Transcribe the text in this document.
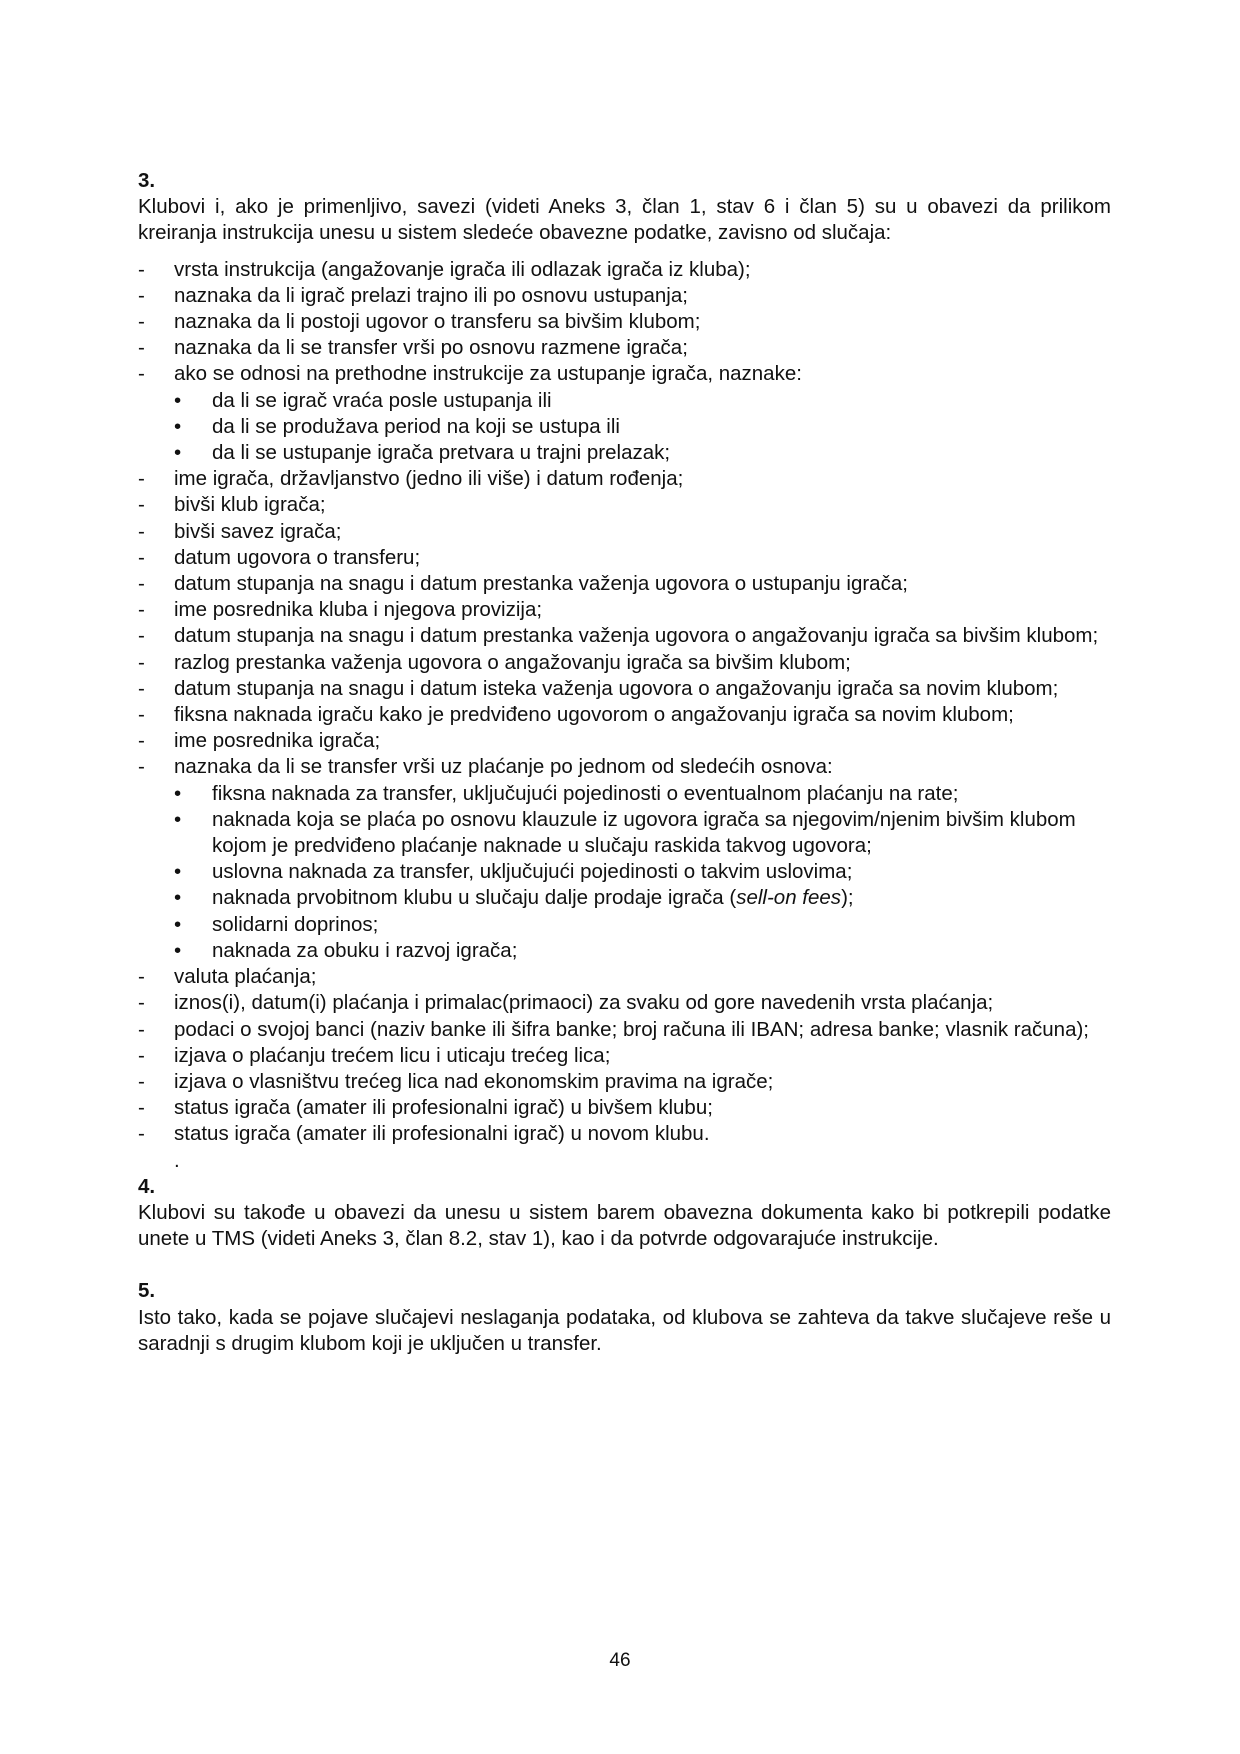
3.
Klubovi i, ako je primenljivo, savezi (videti Aneks 3, član 1, stav 6 i član 5) su u obavezi da prilikom kreiranja instrukcija unesu u sistem sledeće obavezne podatke, zavisno od slučaja:
- vrsta instrukcija (angažovanje igrača ili odlazak igrača iz kluba);
- naznaka da li igrač prelazi trajno ili po osnovu ustupanja;
- naznaka da li postoji ugovor o transferu sa bivšim klubom;
- naznaka da li se transfer vrši po osnovu razmene igrača;
- ako se odnosi na prethodne instrukcije za ustupanje igrača, naznake:
• da li se igrač vraća posle ustupanja ili
• da li se produžava period na koji se ustupa ili
• da li se ustupanje igrača pretvara u trajni prelazak;
- ime igrača, državljanstvo (jedno ili više) i datum rođenja;
- bivši klub igrača;
- bivši savez igrača;
- datum ugovora o transferu;
- datum stupanja na snagu i datum prestanka važenja ugovora o ustupanju igrača;
- ime posrednika kluba i njegova provizija;
- datum stupanja na snagu i datum prestanka važenja ugovora o angažovanju igrača sa bivšim klubom;
- razlog prestanka važenja ugovora o angažovanju igrača sa bivšim klubom;
- datum stupanja na snagu i datum isteka važenja ugovora o angažovanju igrača sa novim klubom;
- fiksna naknada igraču kako je predviđeno ugovorom o angažovanju igrača sa novim klubom;
- ime posrednika igrača;
- naznaka da li se transfer vrši uz plaćanje po jednom od sledećih osnova:
• fiksna naknada za transfer, uključujući pojedinosti o eventualnom plaćanju na rate;
• naknada koja se plaća po osnovu klauzule iz ugovora igrača sa njegovim/njenim bivšim klubom kojom je predviđeno plaćanje naknade u slučaju raskida takvog ugovora;
• uslovna naknada za transfer, uključujući pojedinosti o takvim uslovima;
• naknada prvobitnom klubu u slučaju dalje prodaje igrača (sell-on fees);
• solidarni doprinos;
• naknada za obuku i razvoj igrača;
- valuta plaćanja;
- iznos(i), datum(i) plaćanja i primalac(primaoci) za svaku od gore navedenih vrsta plaćanja;
- podaci o svojoj banci (naziv banke ili šifra banke; broj računa ili IBAN; adresa banke; vlasnik računa);
- izjava o plaćanju trećem licu i uticaju trećeg lica;
- izjava o vlasništvu trećeg lica nad ekonomskim pravima na igrače;
- status igrača (amater ili profesionalni igrač) u bivšem klubu;
- status igrača (amater ili profesionalni igrač) u novom klubu.
.
4.
Klubovi su takođe u obavezi da unesu u sistem barem obavezna dokumenta kako bi potkrepili podatke unete u TMS (videti Aneks 3, član 8.2, stav 1), kao i da potvrde odgovarajuće instrukcije.
5.
Isto tako, kada se pojave slučajevi neslaganja podataka, od klubova se zahteva da takve slučajeve reše u saradnji s drugim klubom koji je uključen u transfer.
46
